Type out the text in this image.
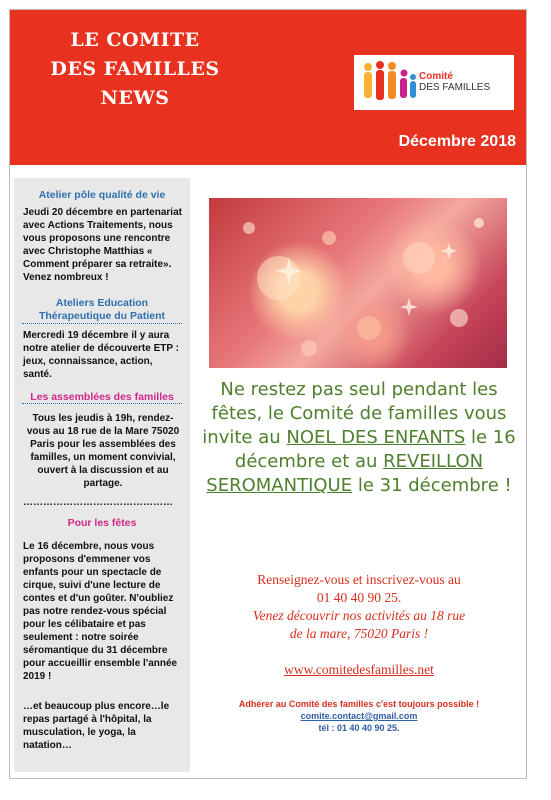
LE COMITE
DES FAMILLES
NEWS
Comité
DES FAMILLES
Décembre 2018
Atelier pôle qualité de vie
Jeudi 20 décembre en partenariat avec Actions Traitements, nous vous proposons une rencontre avec Christophe Matthias « Comment préparer sa retraite». Venez nombreux !
Ateliers Education Thérapeutique du Patient
Mercredi 19 décembre il y aura notre atelier de découverte ETP : jeux, connaissance, action, santé.
Les assemblées des familles
Tous les jeudis à 19h, rendez-vous au 18 rue de la Mare 75020 Paris pour les assemblées des familles, un moment convivial, ouvert à la discussion et au partage.
………………………………………
Pour les fêtes
Le 16 décembre, nous vous proposons d'emmener vos enfants pour un spectacle de cirque, suivi d'une lecture de contes et d'un goûter. N'oubliez pas notre rendez-vous spécial pour les célibataire et pas seulement : notre soirée séromantique du 31 décembre pour accueillir ensemble l'année 2019 !
…et beaucoup plus encore…le repas partagé à l'hôpital, la musculation, le yoga, la natation…
Ne restez pas seul pendant les fêtes, le Comité de familles vous invite au NOEL DES ENFANTS le 16 décembre et au REVEILLON SEROMANTIQUE le 31 décembre !
Renseignez-vous et inscrivez-vous au
01 40 40 90 25.
Venez découvrir nos activités au 18 rue
de la mare, 75020 Paris !
www.comitedesfamilles.net
Adhérer au Comité des familles c'est toujours possible !
comite.contact@gmail.com
tél : 01 40 40 90 25.
